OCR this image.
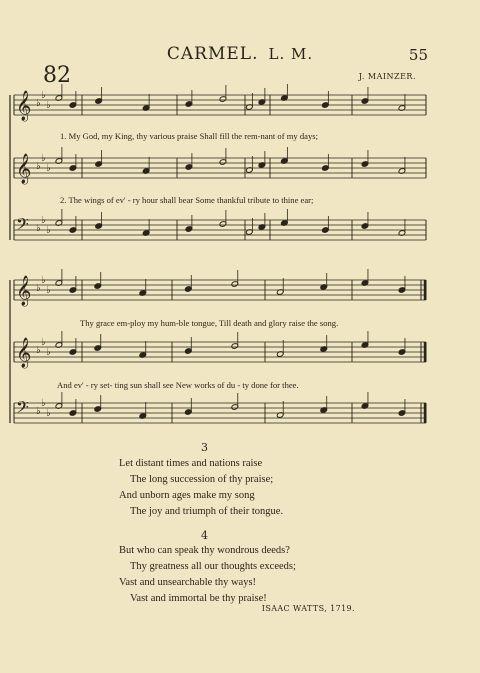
CARMEL. L. M.	55
82	J. MAINZER.
𝄞 ♭
♭
♭
𝄞 ♭
♭
♭
𝄢 ♭
♭
♭
𝄞 ♭
♭
♭
𝄞 ♭
♭
♭
𝄢 ♭
♭
♭
1. My God, my King, thy various praise Shall fill the rem-nant of my days;
2. The wings of ev' - ry hour shall bear Some thankful tribute to thine ear;
Thy grace em-ploy my hum-ble tongue, Till death and glory raise the song.
And ev' - ry set- ting sun shall see New works of du - ty done for thee.
3
Let distant times and nations raise
The long succession of thy praise;
And unborn ages make my song
The joy and triumph of their tongue.
4
But who can speak thy wondrous deeds?
Thy greatness all our thoughts exceeds;
Vast and unsearchable thy ways!
Vast and immortal be thy praise!
ISAAC WATTS, 1719.
